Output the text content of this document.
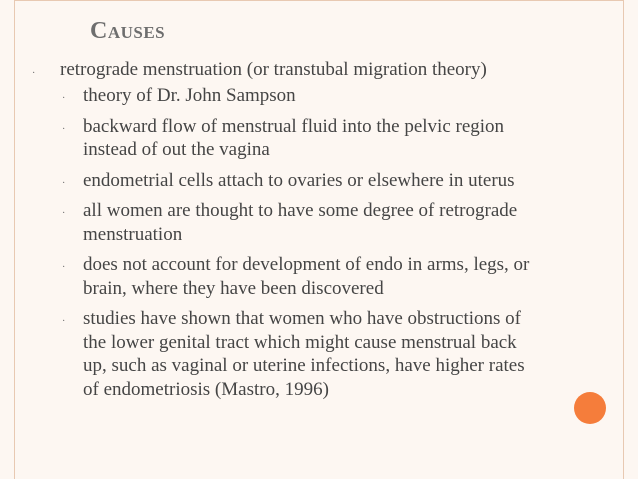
Causes
·	retrograde menstruation (or transtubal migration theory)
· theory of Dr. John Sampson
· backward flow of menstrual fluid into the pelvic region instead of out the vagina
· endometrial cells attach to ovaries or elsewhere in uterus
· all women are thought to have some degree of retrograde menstruation
· does not account for development of endo in arms, legs, or brain, where they have been discovered
· studies have shown that women who have obstructions of the lower genital tract which might cause menstrual back up, such as vaginal or uterine infections, have higher rates of endometriosis (Mastro, 1996)
